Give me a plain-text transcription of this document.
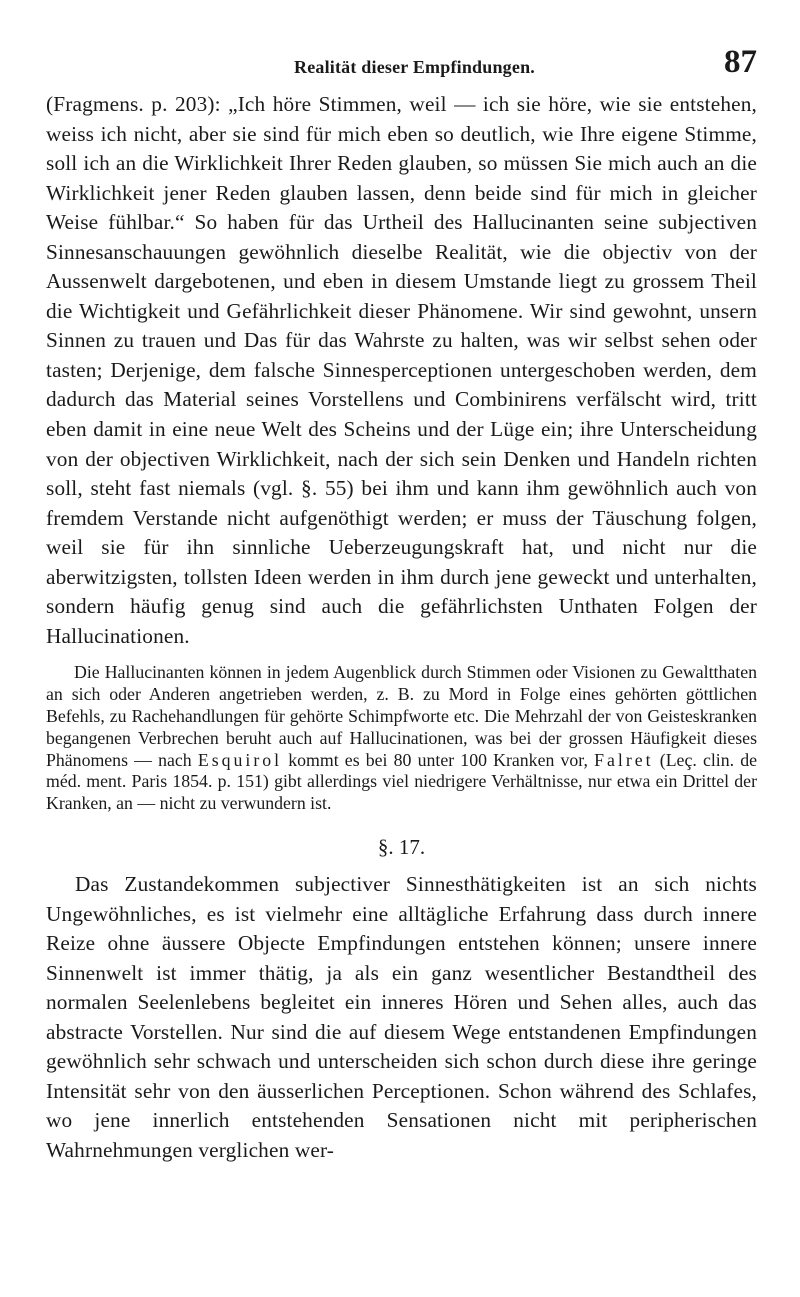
Realität dieser Empfindungen.	87

(Fragmens. p. 203): „Ich höre Stimmen, weil — ich sie höre, wie sie entstehen, weiss ich nicht, aber sie sind für mich eben so deutlich, wie Ihre eigene Stimme, soll ich an die Wirklichkeit Ihrer Reden glauben, so müssen Sie mich auch an die Wirklichkeit jener Reden glauben lassen, denn beide sind für mich in gleicher Weise fühlbar.“ So haben für das Urtheil des Hallucinanten seine subjectiven Sinnesanschauungen gewöhnlich dieselbe Realität, wie die objectiv von der Aussenwelt dargebotenen, und eben in diesem Umstande liegt zu grossem Theil die Wichtigkeit und Gefährlichkeit dieser Phänomene. Wir sind gewohnt, unsern Sinnen zu trauen und Das für das Wahrste zu halten, was wir selbst sehen oder tasten; Derjenige, dem falsche Sinnesperceptionen untergeschoben werden, dem dadurch das Material seines Vorstellens und Combinirens verfälscht wird, tritt eben damit in eine neue Welt des Scheins und der Lüge ein; ihre Unterscheidung von der objectiven Wirklichkeit, nach der sich sein Denken und Handeln richten soll, steht fast niemals (vgl. §. 55) bei ihm und kann ihm gewöhnlich auch von fremdem Verstande nicht aufgenöthigt werden; er muss der Täuschung folgen, weil sie für ihn sinnliche Ueberzeugungskraft hat, und nicht nur die aberwitzigsten, tollsten Ideen werden in ihm durch jene geweckt und unterhalten, sondern häufig genug sind auch die gefährlichsten Unthaten Folgen der Hallucinationen.

Die Hallucinanten können in jedem Augenblick durch Stimmen oder Visionen zu Gewaltthaten an sich oder Anderen angetrieben werden, z. B. zu Mord in Folge eines gehörten göttlichen Befehls, zu Rachehandlungen für gehörte Schimpfworte etc. Die Mehrzahl der von Geisteskranken begangenen Verbrechen beruht auch auf Hallucinationen, was bei der grossen Häufigkeit dieses Phänomens — nach Esquirol kommt es bei 80 unter 100 Kranken vor, Falret (Leç. clin. de méd. ment. Paris 1854. p. 151) gibt allerdings viel niedrigere Verhältnisse, nur etwa ein Drittel der Kranken, an — nicht zu verwundern ist.

§. 17.

Das Zustandekommen subjectiver Sinnesthätigkeiten ist an sich nichts Ungewöhnliches, es ist vielmehr eine alltägliche Erfahrung dass durch innere Reize ohne äussere Objecte Empfindungen entstehen können; unsere innere Sinnenwelt ist immer thätig, ja als ein ganz wesentlicher Bestandtheil des normalen Seelenlebens begleitet ein inneres Hören und Sehen alles, auch das abstracte Vorstellen. Nur sind die auf diesem Wege entstandenen Empfindungen gewöhnlich sehr schwach und unterscheiden sich schon durch diese ihre geringe Intensität sehr von den äusserlichen Perceptionen. Schon während des Schlafes, wo jene innerlich entstehenden Sensationen nicht mit peripherischen Wahrnehmungen verglichen wer-
